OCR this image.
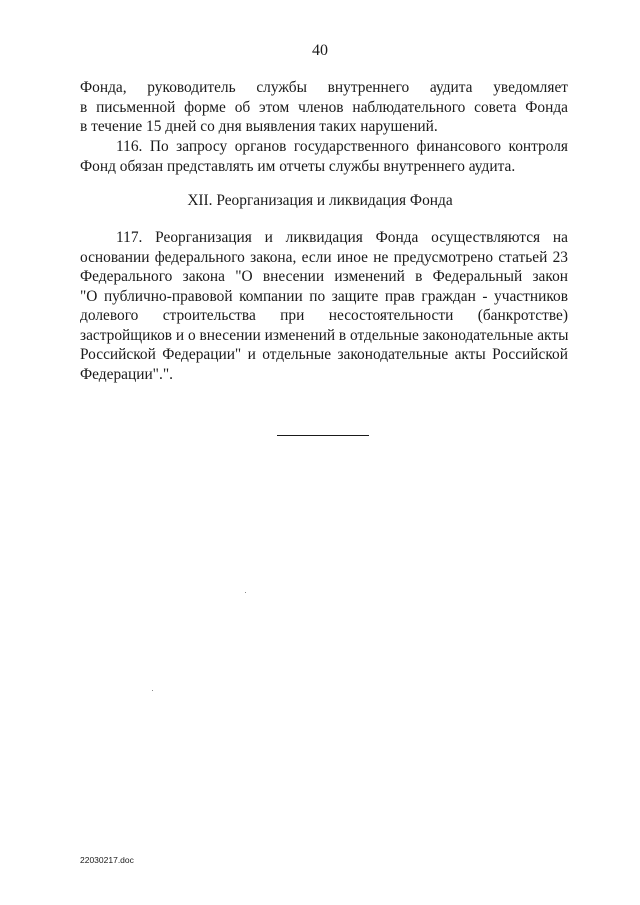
40
Фонда, руководитель службы внутреннего аудита уведомляет
в письменной форме об этом членов наблюдательного совета Фонда
в течение 15 дней со дня выявления таких нарушений.
116. По запросу органов государственного финансового контроля
Фонд обязан представлять им отчеты службы внутреннего аудита.
XII. Реорганизация и ликвидация Фонда
117. Реорганизация и ликвидация Фонда осуществляются на
основании федерального закона, если иное не предусмотрено статьей 23
Федерального закона "О внесении изменений в Федеральный закон
"О публично-правовой компании по защите прав граждан - участников
долевого строительства при несостоятельности (банкротстве)
застройщиков и о внесении изменений в отдельные законодательные акты
Российской Федерации" и отдельные законодательные акты Российской
Федерации".".
22030217.doc
